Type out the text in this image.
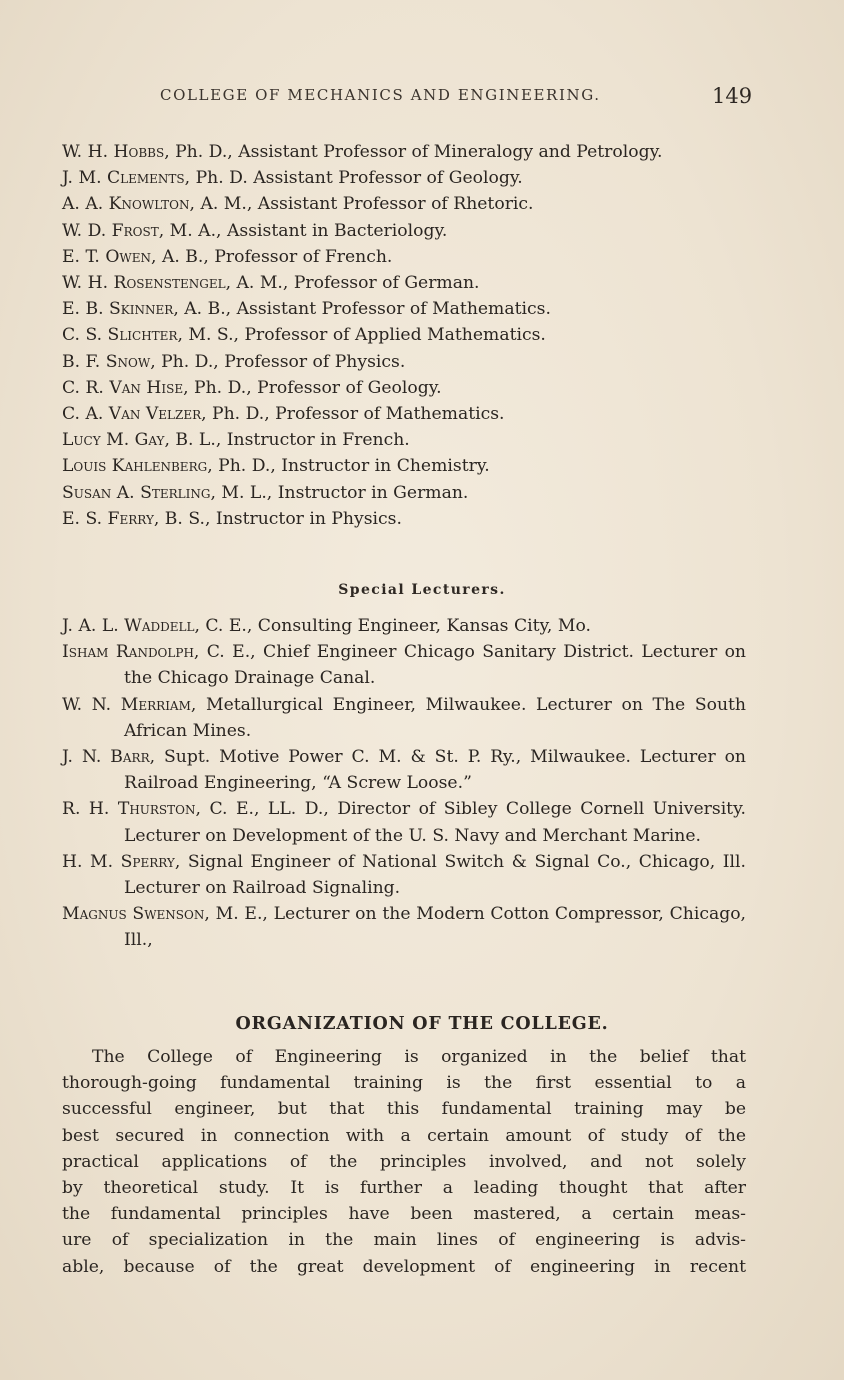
COLLEGE OF MECHANICS AND ENGINEERING.	149
W. H. Hobbs, Ph. D., Assistant Professor of Mineralogy and Petrology.
J. M. Clements, Ph. D. Assistant Professor of Geology.
A. A. Knowlton, A. M., Assistant Professor of Rhetoric.
W. D. Frost, M. A., Assistant in Bacteriology.
E. T. Owen, A. B., Professor of French.
W. H. Rosenstengel, A. M., Professor of German.
E. B. Skinner, A. B., Assistant Professor of Mathematics.
C. S. Slichter, M. S., Professor of Applied Mathematics.
B. F. Snow, Ph. D., Professor of Physics.
C. R. Van Hise, Ph. D., Professor of Geology.
C. A. Van Velzer, Ph. D., Professor of Mathematics.
Lucy M. Gay, B. L., Instructor in French.
Louis Kahlenberg, Ph. D., Instructor in Chemistry.
Susan A. Sterling, M. L., Instructor in German.
E. S. Ferry, B. S., Instructor in Physics.
Special Lecturers.
J. A. L. Waddell, C. E., Consulting Engineer, Kansas City, Mo.
Isham Randolph, C. E., Chief Engineer Chicago Sanitary District. Lecturer on the Chicago Drainage Canal.
W. N. Merriam, Metallurgical Engineer, Milwaukee. Lecturer on The South African Mines.
J. N. Barr, Supt. Motive Power C. M. & St. P. Ry., Milwaukee. Lecturer on Railroad Engineering, “A Screw Loose.”
R. H. Thurston, C. E., LL. D., Director of Sibley College Cornell University. Lecturer on Development of the U. S. Navy and Merchant Marine.
H. M. Sperry, Signal Engineer of National Switch & Signal Co., Chicago, Ill. Lecturer on Railroad Signaling.
Magnus Swenson, M. E., Lecturer on the Modern Cotton Compressor, Chicago, Ill.,
ORGANIZATION OF THE COLLEGE.
The College of Engineering is organized in the belief that
thorough-going fundamental training is the first essential to a
successful engineer, but that this fundamental training may be
best secured in connection with a certain amount of study of the
practical applications of the principles involved, and not solely
by theoretical study. It is further a leading thought that after
the fundamental principles have been mastered, a certain meas-
ure of specialization in the main lines of engineering is advis-
able, because of the great development of engineering in recent
